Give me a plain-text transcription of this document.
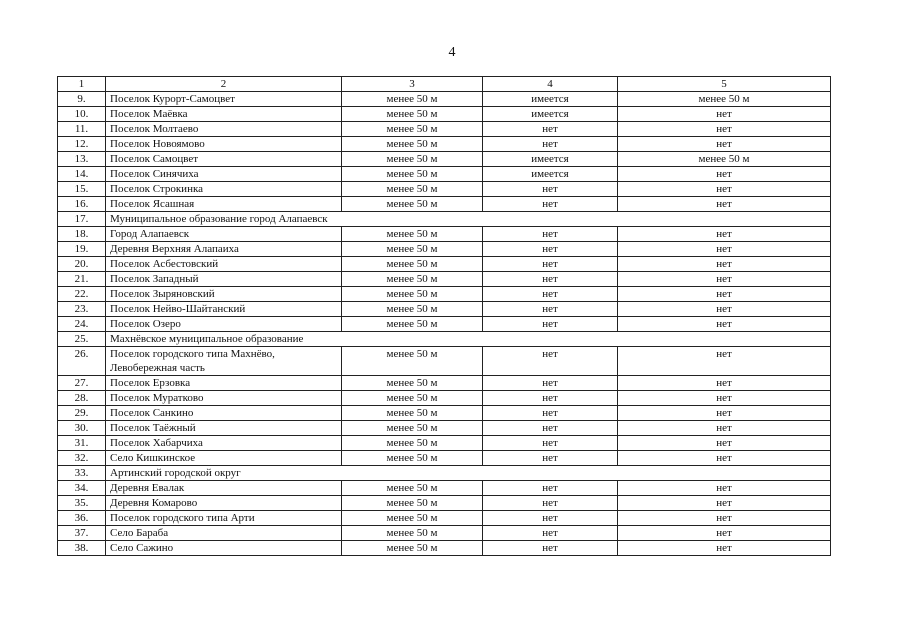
4
1	2	3	4	5
9.	Поселок Курорт-Самоцвет	менее 50 м	имеется	менее 50 м
10.	Поселок Маёвка	менее 50 м	имеется	нет
11.	Поселок Молтаево	менее 50 м	нет	нет
12.	Поселок Новоямово	менее 50 м	нет	нет
13.	Поселок Самоцвет	менее 50 м	имеется	менее 50 м
14.	Поселок Синячиха	менее 50 м	имеется	нет
15.	Поселок Строкинка	менее 50 м	нет	нет
16.	Поселок Ясашная	менее 50 м	нет	нет
17.	Муниципальное образование город Алапаевск			
18.	Город Алапаевск	менее 50 м	нет	нет
19.	Деревня Верхняя Алапаиха	менее 50 м	нет	нет
20.	Поселок Асбестовский	менее 50 м	нет	нет
21.	Поселок Западный	менее 50 м	нет	нет
22.	Поселок Зыряновский	менее 50 м	нет	нет
23.	Поселок Нейво-Шайтанский	менее 50 м	нет	нет
24.	Поселок Озеро	менее 50 м	нет	нет
25.	Махнёвское муниципальное образование			
26.	Поселок городского типа Махнёво,
Левобережная часть	менее 50 м	нет	нет
27.	Поселок Ерзовка	менее 50 м	нет	нет
28.	Поселок Муратково	менее 50 м	нет	нет
29.	Поселок Санкино	менее 50 м	нет	нет
30.	Поселок Таёжный	менее 50 м	нет	нет
31.	Поселок Хабарчиха	менее 50 м	нет	нет
32.	Село Кишкинское	менее 50 м	нет	нет
33.	Артинский городской округ			
34.	Деревня Евалак	менее 50 м	нет	нет
35.	Деревня Комарово	менее 50 м	нет	нет
36.	Поселок городского типа Арти	менее 50 м	нет	нет
37.	Село Бараба	менее 50 м	нет	нет
38.	Село Сажино	менее 50 м	нет	нет
